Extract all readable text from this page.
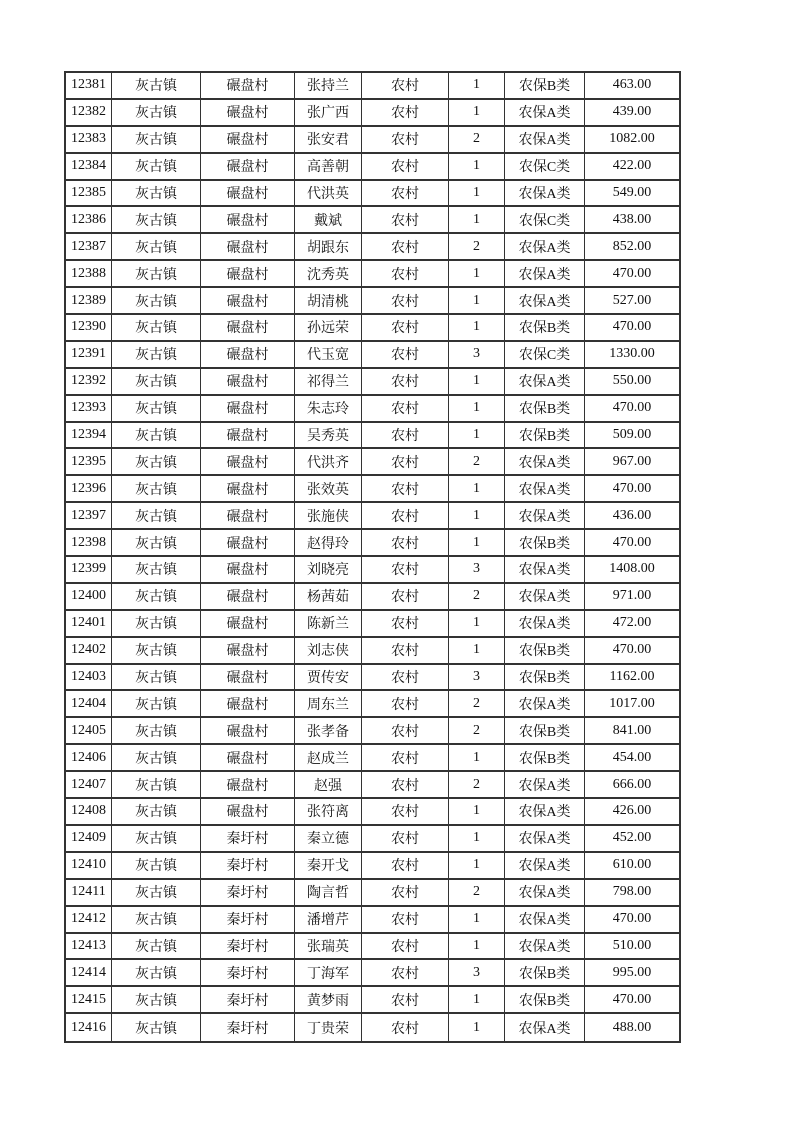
12381	灰古镇	碾盘村	张持兰	农村	1	农保B类	463.00
12382	灰古镇	碾盘村	张广西	农村	1	农保A类	439.00
12383	灰古镇	碾盘村	张安君	农村	2	农保A类	1082.00
12384	灰古镇	碾盘村	高善朝	农村	1	农保C类	422.00
12385	灰古镇	碾盘村	代洪英	农村	1	农保A类	549.00
12386	灰古镇	碾盘村	戴斌	农村	1	农保C类	438.00
12387	灰古镇	碾盘村	胡跟东	农村	2	农保A类	852.00
12388	灰古镇	碾盘村	沈秀英	农村	1	农保A类	470.00
12389	灰古镇	碾盘村	胡清桃	农村	1	农保A类	527.00
12390	灰古镇	碾盘村	孙远荣	农村	1	农保B类	470.00
12391	灰古镇	碾盘村	代玉宽	农村	3	农保C类	1330.00
12392	灰古镇	碾盘村	祁得兰	农村	1	农保A类	550.00
12393	灰古镇	碾盘村	朱志玲	农村	1	农保B类	470.00
12394	灰古镇	碾盘村	吴秀英	农村	1	农保B类	509.00
12395	灰古镇	碾盘村	代洪齐	农村	2	农保A类	967.00
12396	灰古镇	碾盘村	张效英	农村	1	农保A类	470.00
12397	灰古镇	碾盘村	张施侠	农村	1	农保A类	436.00
12398	灰古镇	碾盘村	赵得玲	农村	1	农保B类	470.00
12399	灰古镇	碾盘村	刘晓亮	农村	3	农保A类	1408.00
12400	灰古镇	碾盘村	杨茜茹	农村	2	农保A类	971.00
12401	灰古镇	碾盘村	陈新兰	农村	1	农保A类	472.00
12402	灰古镇	碾盘村	刘志侠	农村	1	农保B类	470.00
12403	灰古镇	碾盘村	贾传安	农村	3	农保B类	1162.00
12404	灰古镇	碾盘村	周东兰	农村	2	农保A类	1017.00
12405	灰古镇	碾盘村	张孝备	农村	2	农保B类	841.00
12406	灰古镇	碾盘村	赵成兰	农村	1	农保B类	454.00
12407	灰古镇	碾盘村	赵强	农村	2	农保A类	666.00
12408	灰古镇	碾盘村	张符离	农村	1	农保A类	426.00
12409	灰古镇	秦圩村	秦立德	农村	1	农保A类	452.00
12410	灰古镇	秦圩村	秦开戈	农村	1	农保A类	610.00
12411	灰古镇	秦圩村	陶言哲	农村	2	农保A类	798.00
12412	灰古镇	秦圩村	潘增芹	农村	1	农保A类	470.00
12413	灰古镇	秦圩村	张瑞英	农村	1	农保A类	510.00
12414	灰古镇	秦圩村	丁海军	农村	3	农保B类	995.00
12415	灰古镇	秦圩村	黄梦雨	农村	1	农保B类	470.00
12416	灰古镇	秦圩村	丁贵荣	农村	1	农保A类	488.00
